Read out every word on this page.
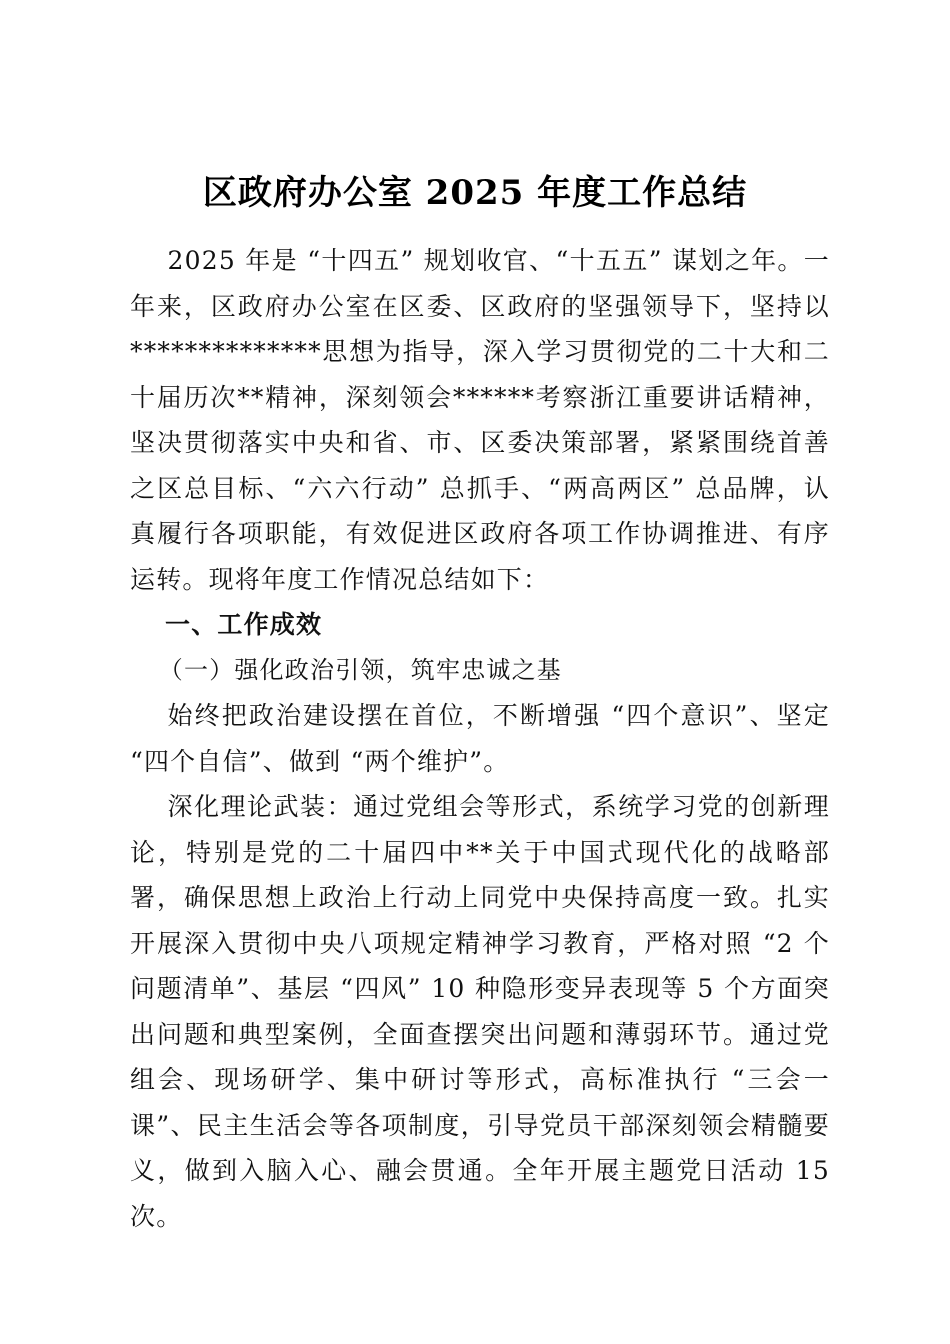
区政府办公室 2025 年度工作总结

2025 年是 “十四五” 规划收官、“十五五” 谋划之年。一年来，区政府办公室在区委、区政府的坚强领导下，坚持以**************思想为指导，深入学习贯彻党的二十大和二十届历次**精神，深刻领会******考察浙江重要讲话精神，坚决贯彻落实中央和省、市、区委决策部署，紧紧围绕首善之区总目标、“六六行动” 总抓手、“两高两区” 总品牌，认真履行各项职能，有效促进区政府各项工作协调推进、有序运转。现将年度工作情况总结如下：

一、工作成效
（一）强化政治引领，筑牢忠诚之基

始终把政治建设摆在首位，不断增强 “四个意识”、坚定 “四个自信”、做到 “两个维护”。

深化理论武装：通过党组会等形式，系统学习党的创新理论，特别是党的二十届四中**关于中国式现代化的战略部署，确保思想上政治上行动上同党中央保持高度一致。扎实开展深入贯彻中央八项规定精神学习教育，严格对照 “2 个问题清单”、基层 “四风” 10 种隐形变异表现等 5 个方面突出问题和典型案例，全面查摆突出问题和薄弱环节。通过党组会、现场研学、集中研讨等形式，高标准执行 “三会一课”、民主生活会等各项制度，引导党员干部深刻领会精髓要义，做到入脑入心、融会贯通。全年开展主题党日活动 15 次。
